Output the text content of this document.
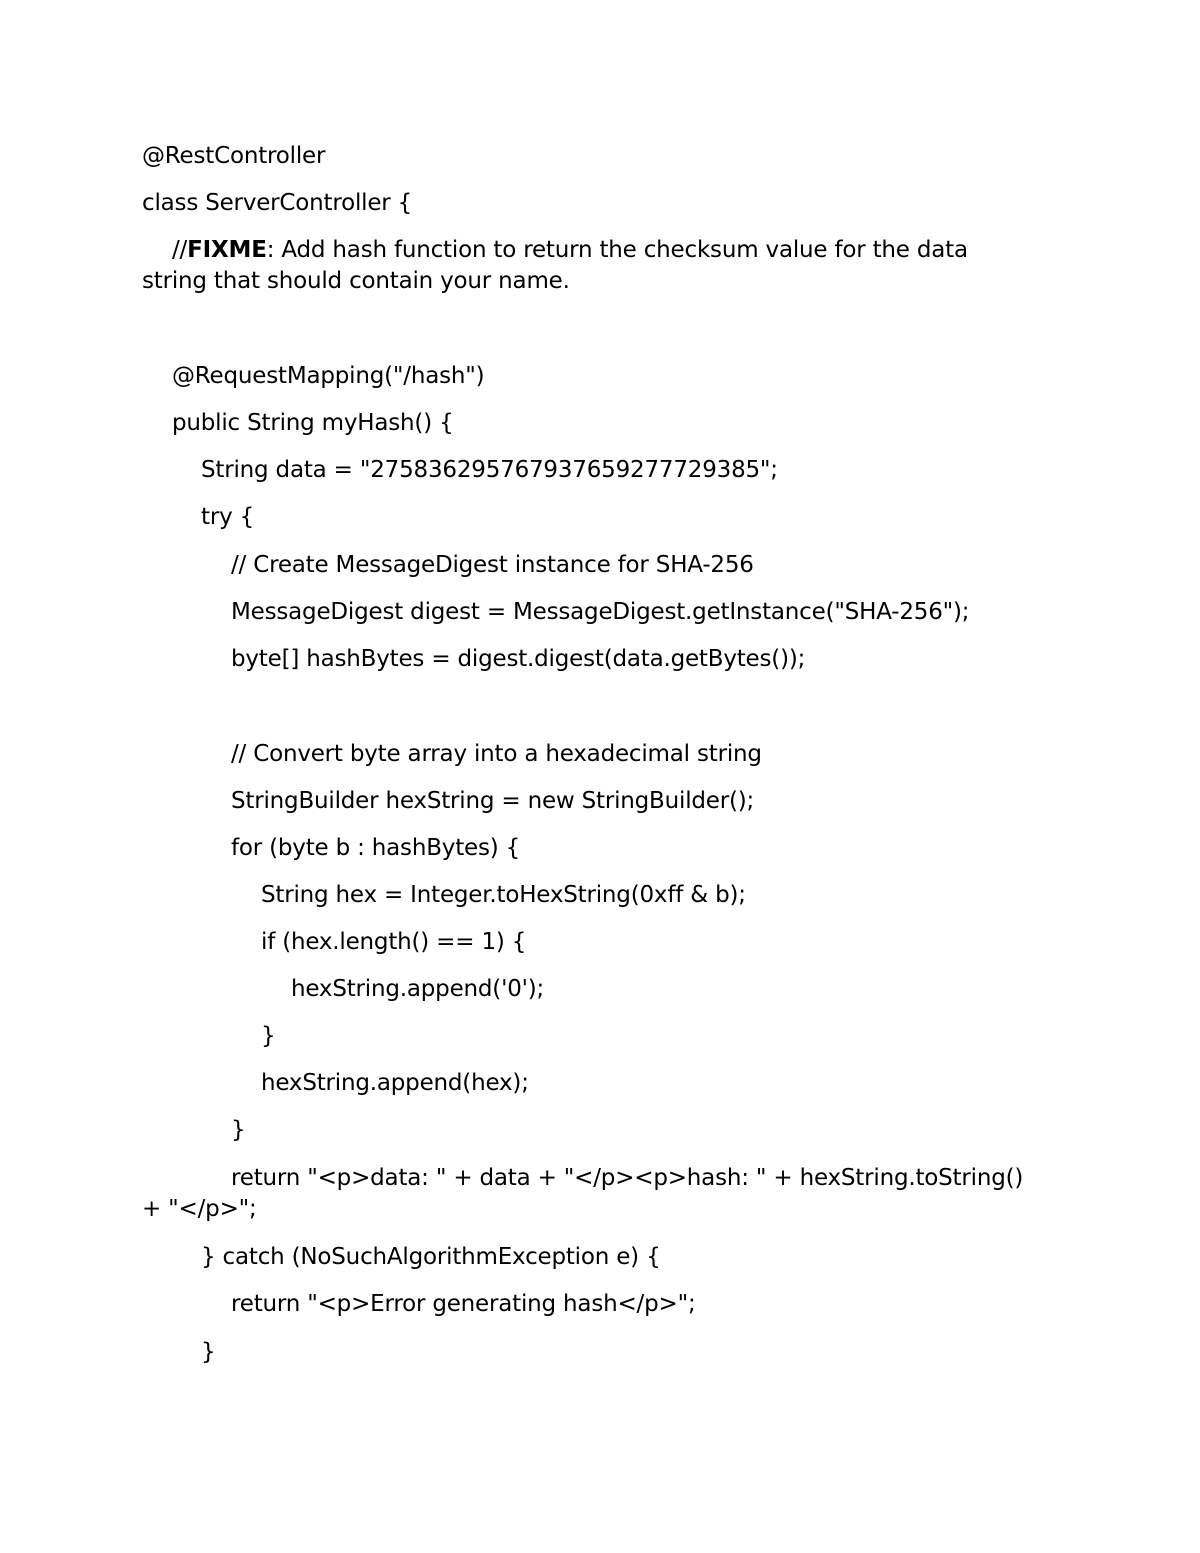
@RestController
class ServerController {
//FIXME: Add hash function to return the checksum value for the data
string that should contain your name.
@RequestMapping("/hash")
public String myHash() {
String data = "275836295767937659277729385";
try {
// Create MessageDigest instance for SHA-256
MessageDigest digest = MessageDigest.getInstance("SHA-256");
byte[] hashBytes = digest.digest(data.getBytes());
// Convert byte array into a hexadecimal string
StringBuilder hexString = new StringBuilder();
for (byte b : hashBytes) {
String hex = Integer.toHexString(0xff & b);
if (hex.length() == 1) {
hexString.append('0');
}
hexString.append(hex);
}
return "<p>data: " + data + "</p><p>hash: " + hexString.toString()
+ "</p>";
} catch (NoSuchAlgorithmException e) {
return "<p>Error generating hash</p>";
}
